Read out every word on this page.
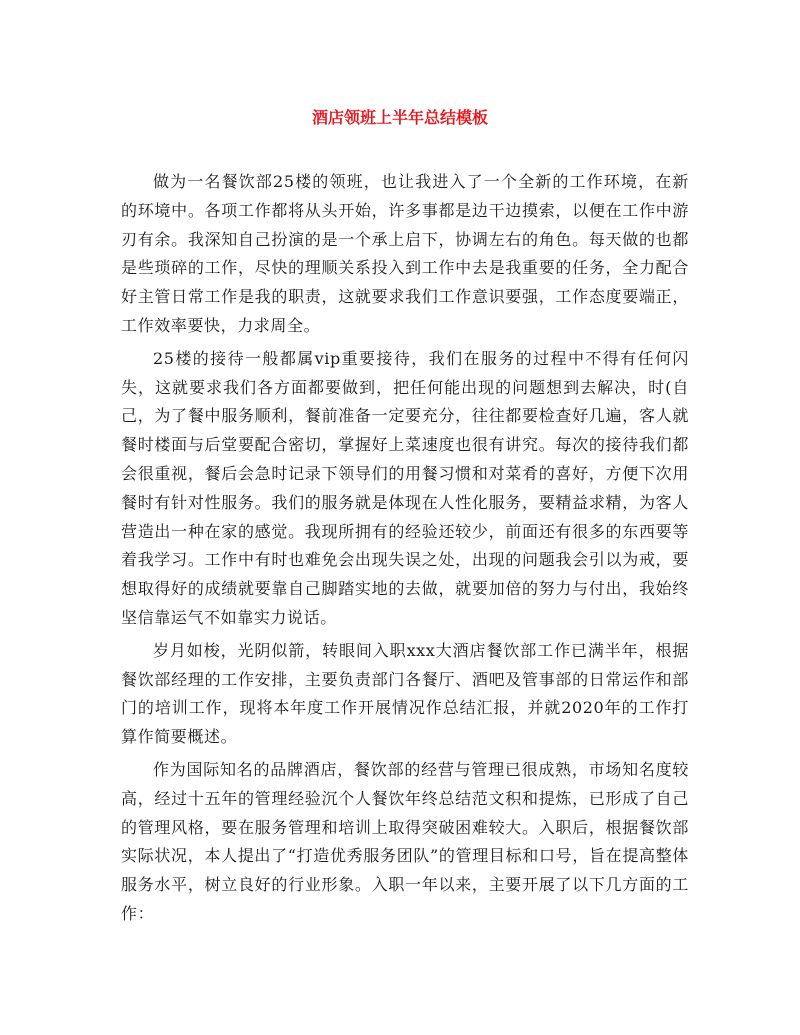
酒店领班上半年总结模板

做为一名餐饮部25楼的领班，也让我进入了一个全新的工作环境，在新的环境中。各项工作都将从头开始，许多事都是边干边摸索，以便在工作中游刃有余。我深知自己扮演的是一个承上启下，协调左右的角色。每天做的也都是些琐碎的工作，尽快的理顺关系投入到工作中去是我重要的任务，全力配合好主管日常工作是我的职责，这就要求我们工作意识要强，工作态度要端正，工作效率要快，力求周全。

25楼的接待一般都属vip重要接待，我们在服务的过程中不得有任何闪失，这就要求我们各方面都要做到，把任何能出现的问题想到去解决，时(自己，为了餐中服务顺利，餐前准备一定要充分，往往都要检查好几遍，客人就餐时楼面与后堂要配合密切，掌握好上菜速度也很有讲究。每次的接待我们都会很重视，餐后会急时记录下领导们的用餐习惯和对菜肴的喜好，方便下次用餐时有针对性服务。我们的服务就是体现在人性化服务，要精益求精，为客人营造出一种在家的感觉。我现所拥有的经验还较少，前面还有很多的东西要等着我学习。工作中有时也难免会出现失误之处，出现的问题我会引以为戒，要想取得好的成绩就要靠自己脚踏实地的去做，就要加倍的努力与付出，我始终坚信靠运气不如靠实力说话。

岁月如梭，光阴似箭，转眼间入职xxx大酒店餐饮部工作已满半年，根据餐饮部经理的工作安排，主要负责部门各餐厅、酒吧及管事部的日常运作和部门的培训工作，现将本年度工作开展情况作总结汇报，并就2020年的工作打算作简要概述。

作为国际知名的品牌酒店，餐饮部的经营与管理已很成熟，市场知名度较高，经过十五年的管理经验沉个人餐饮年终总结范文积和提炼，已形成了自己的管理风格，要在服务管理和培训上取得突破困难较大。入职后，根据餐饮部实际状况，本人提出了“打造优秀服务团队”的管理目标和口号，旨在提高整体服务水平，树立良好的行业形象。入职一年以来，主要开展了以下几方面的工作：
